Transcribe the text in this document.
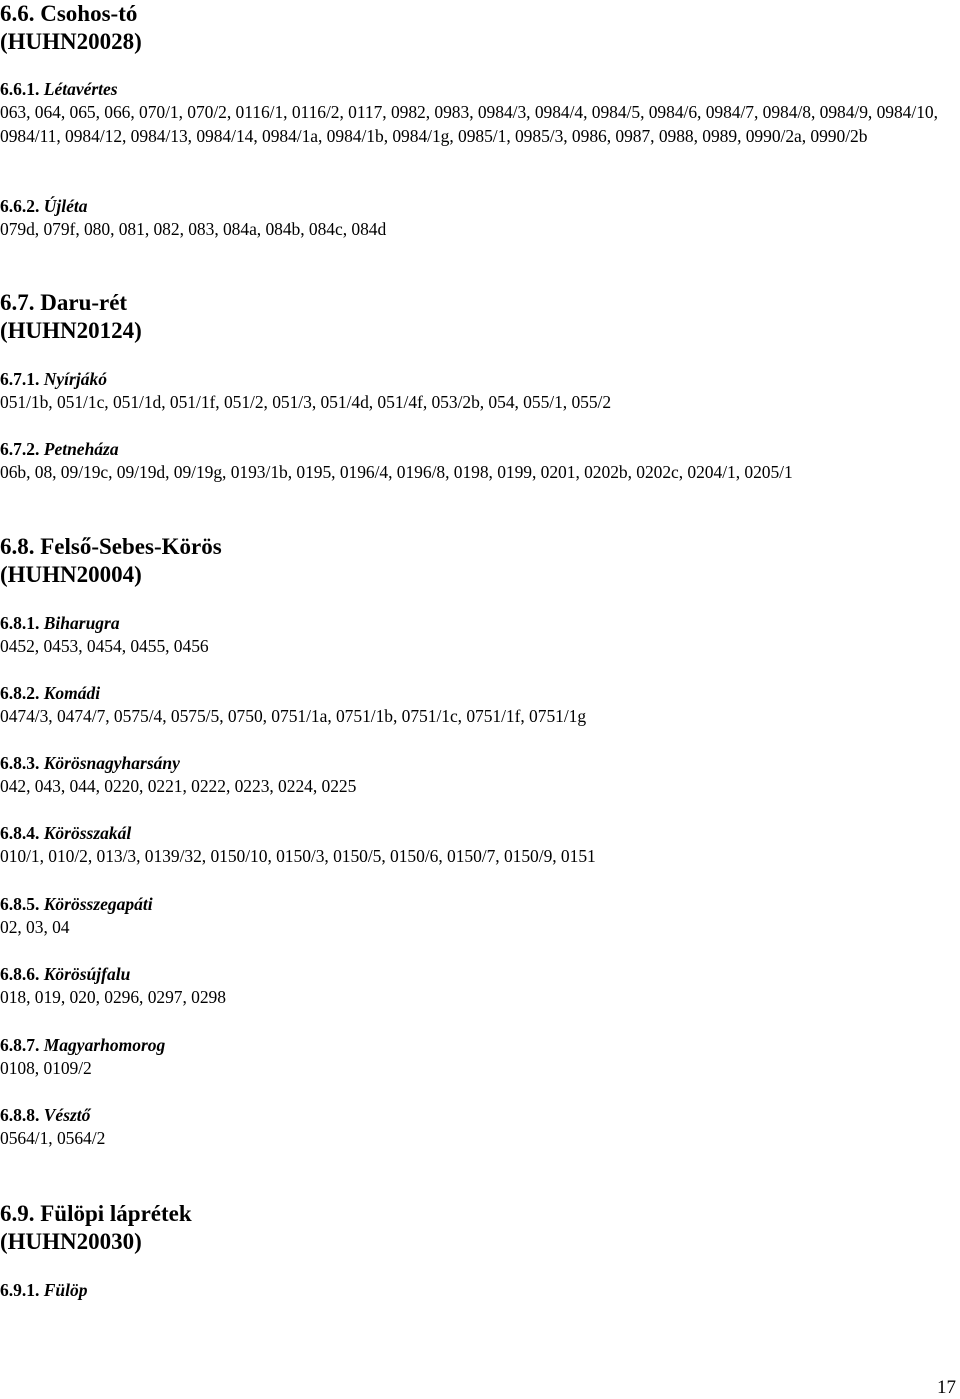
6.6. Csohos-tó
(HUHN20028)
6.6.1. Létavértes
063, 064, 065, 066, 070/1, 070/2, 0116/1, 0116/2, 0117, 0982, 0983, 0984/3, 0984/4, 0984/5, 0984/6, 0984/7, 0984/8, 0984/9, 0984/10, 0984/11, 0984/12, 0984/13, 0984/14, 0984/1a, 0984/1b, 0984/1g, 0985/1, 0985/3, 0986, 0987, 0988, 0989, 0990/2a, 0990/2b
6.6.2. Újléta
079d, 079f, 080, 081, 082, 083, 084a, 084b, 084c, 084d
6.7. Daru-rét
(HUHN20124)
6.7.1. Nyírjákó
051/1b, 051/1c, 051/1d, 051/1f, 051/2, 051/3, 051/4d, 051/4f, 053/2b, 054, 055/1, 055/2
6.7.2. Petneháza
06b, 08, 09/19c, 09/19d, 09/19g, 0193/1b, 0195, 0196/4, 0196/8, 0198, 0199, 0201, 0202b, 0202c, 0204/1, 0205/1
6.8. Felső-Sebes-Körös
(HUHN20004)
6.8.1. Biharugra
0452, 0453, 0454, 0455, 0456
6.8.2. Komádi
0474/3, 0474/7, 0575/4, 0575/5, 0750, 0751/1a, 0751/1b, 0751/1c, 0751/1f, 0751/1g
6.8.3. Körösnagyharsány
042, 043, 044, 0220, 0221, 0222, 0223, 0224, 0225
6.8.4. Körösszakál
010/1, 010/2, 013/3, 0139/32, 0150/10, 0150/3, 0150/5, 0150/6, 0150/7, 0150/9, 0151
6.8.5. Körösszegapáti
02, 03, 04
6.8.6. Körösújfalu
018, 019, 020, 0296, 0297, 0298
6.8.7. Magyarhomorog
0108, 0109/2
6.8.8. Vésztő
0564/1, 0564/2
6.9. Fülöpi láprétek
(HUHN20030)
6.9.1. Fülöp
17
